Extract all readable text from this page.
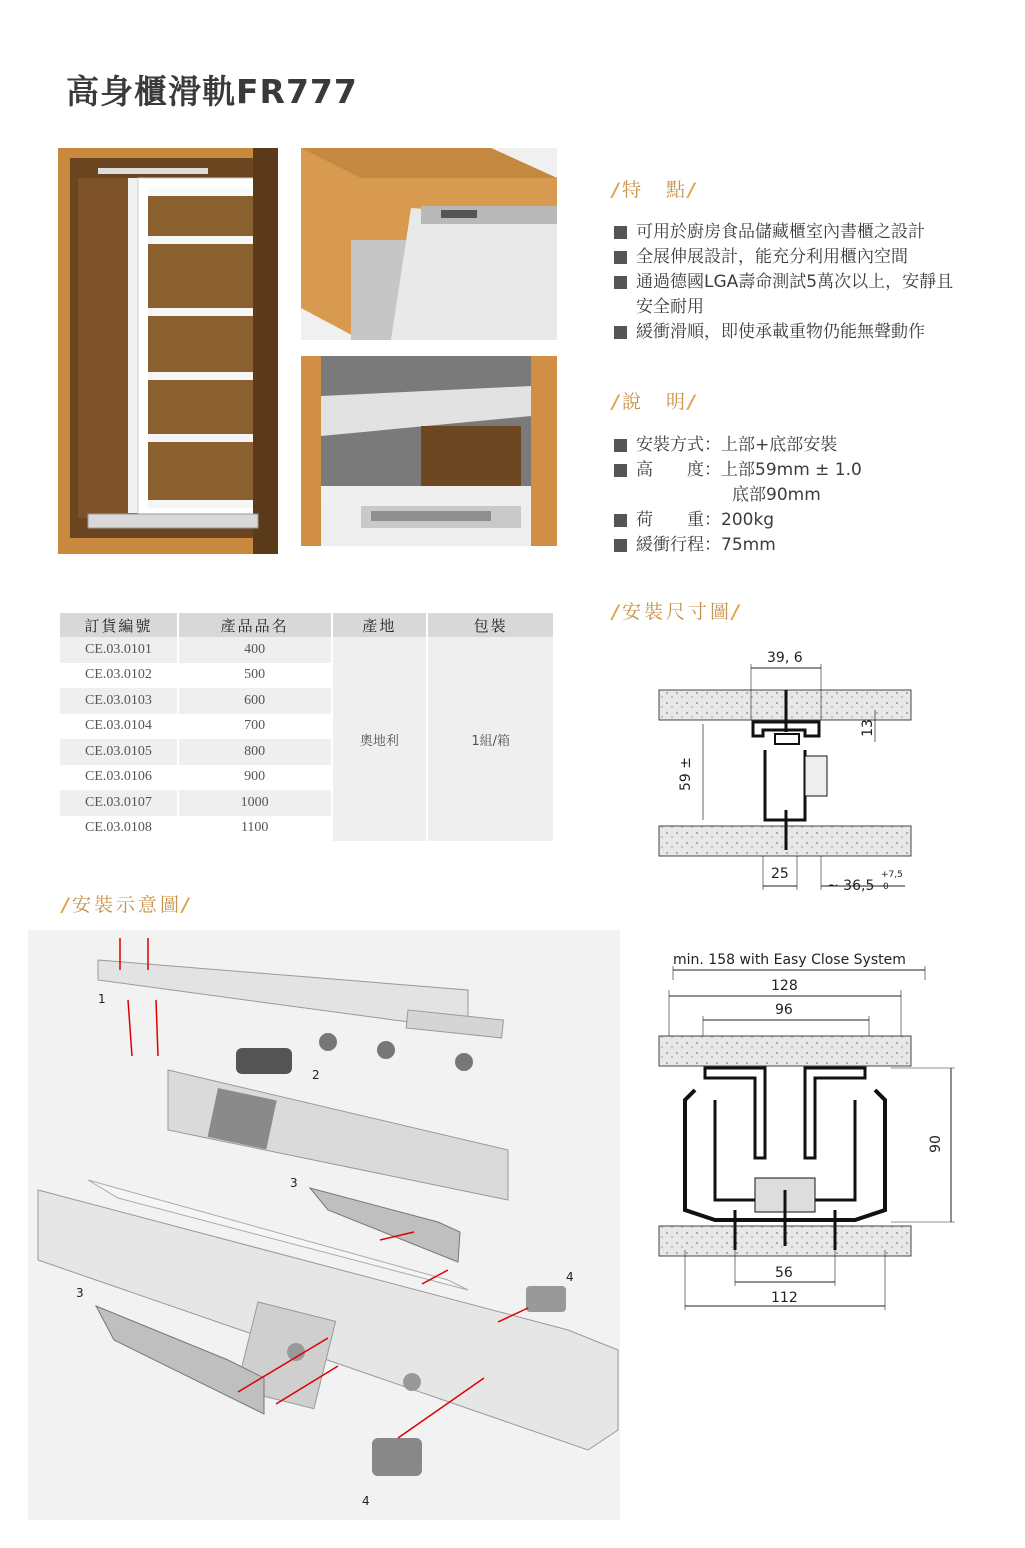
高身櫃滑軌FR777
/特　點/
可用於廚房食品儲藏櫃室內書櫃之設計
全展伸展設計，能充分利用櫃內空間
通過德國LGA壽命測試5萬次以上，安靜且
安全耐用
緩衝滑順，即使承載重物仍能無聲動作
/說　明/
安裝方式：上部+底部安裝
高　　度：上部59mm ± 1.0
底部90mm
荷　　重：200kg
緩衝行程：75mm
/安裝尺寸圖/
訂貨編號	產品品名	產地	包裝
CE.03.0101	400	奧地利	1組/箱
CE.03.0102	500		
CE.03.0103	600		
CE.03.0104	700		
CE.03.0105	800		
CE.03.0106	900		
CE.03.0107	1000		
CE.03.0108	1100		
39, 6
13
59 ±
25
~ 36,5
+7,5
0
min. 158 with Easy Close System
128
96
90
56
112
/安裝示意圖/
1
2
3
3
4
4
